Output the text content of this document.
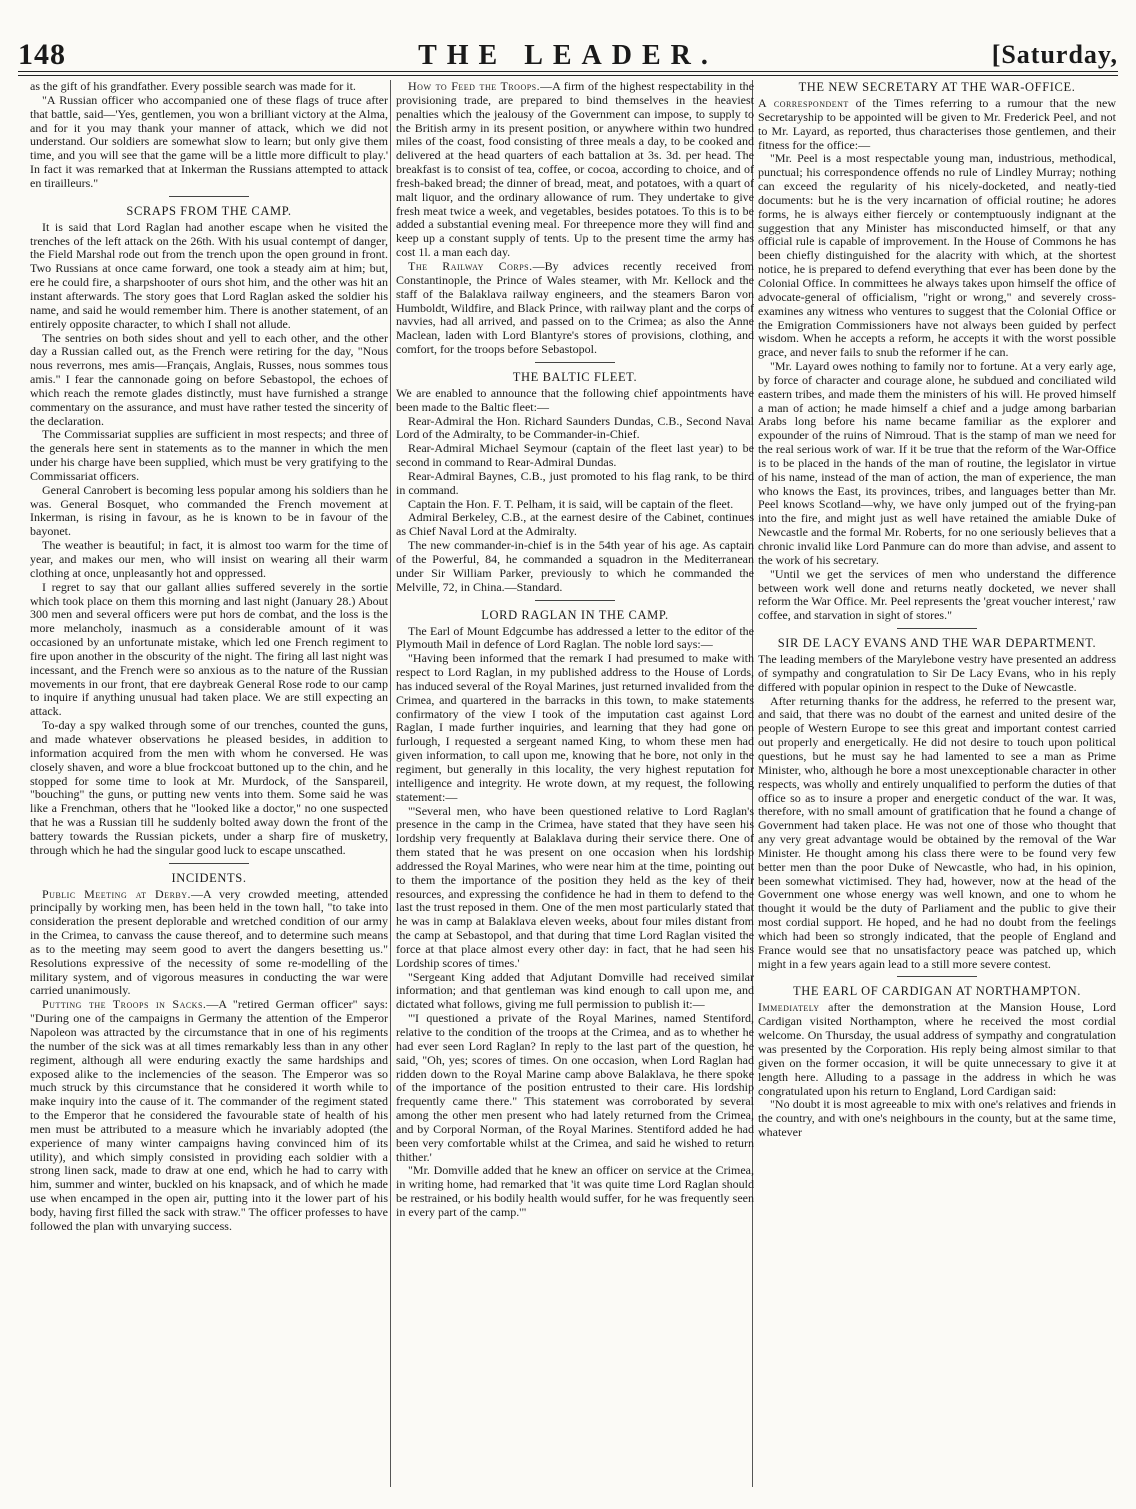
148	THE LEADER.	[Saturday,

as the gift of his grandfather. Every possible search was made for it.

"A Russian officer who accompanied one of these flags of truce after that battle, said—'Yes, gentlemen, you won a brilliant victory at the Alma, and for it you may thank your manner of attack, which we did not understand. Our soldiers are somewhat slow to learn; but only give them time, and you will see that the game will be a little more difficult to play.' In fact it was remarked that at Inkerman the Russians attempted to attack en tirailleurs."

SCRAPS FROM THE CAMP.

It is said that Lord Raglan had another escape when he visited the trenches of the left attack on the 26th. With his usual contempt of danger, the Field Marshal rode out from the trench upon the open ground in front. Two Russians at once came forward, one took a steady aim at him; but, ere he could fire, a sharpshooter of ours shot him, and the other was hit an instant afterwards. The story goes that Lord Raglan asked the soldier his name, and said he would remember him. There is another statement, of an entirely opposite character, to which I shall not allude.

The sentries on both sides shout and yell to each other, and the other day a Russian called out, as the French were retiring for the day, "Nous nous reverrons, mes amis—Français, Anglais, Russes, nous sommes tous amis." I fear the cannonade going on before Sebastopol, the echoes of which reach the remote glades distinctly, must have furnished a strange commentary on the assurance, and must have rather tested the sincerity of the declaration.

The Commissariat supplies are sufficient in most respects; and three of the generals here sent in statements as to the manner in which the men under his charge have been supplied, which must be very gratifying to the Commissariat officers.

General Canrobert is becoming less popular among his soldiers than he was. General Bosquet, who commanded the French movement at Inkerman, is rising in favour, as he is known to be in favour of the bayonet.

The weather is beautiful; in fact, it is almost too warm for the time of year, and makes our men, who will insist on wearing all their warm clothing at once, unpleasantly hot and oppressed.

I regret to say that our gallant allies suffered severely in the sortie which took place on them this morning and last night (January 28.) About 300 men and several officers were put hors de combat, and the loss is the more melancholy, inasmuch as a considerable amount of it was occasioned by an unfortunate mistake, which led one French regiment to fire upon another in the obscurity of the night. The firing all last night was incessant, and the French were so anxious as to the nature of the Russian movements in our front, that ere daybreak General Rose rode to our camp to inquire if anything unusual had taken place. We are still expecting an attack.

To-day a spy walked through some of our trenches, counted the guns, and made whatever observations he pleased besides, in addition to information acquired from the men with whom he conversed. He was closely shaven, and wore a blue frockcoat buttoned up to the chin, and he stopped for some time to look at Mr. Murdock, of the Sanspareil, "bouching" the guns, or putting new vents into them. Some said he was like a Frenchman, others that he "looked like a doctor," no one suspected that he was a Russian till he suddenly bolted away down the front of the battery towards the Russian pickets, under a sharp fire of musketry, through which he had the singular good luck to escape unscathed.

INCIDENTS.

Public Meeting at Derby.—A very crowded meeting, attended principally by working men, has been held in the town hall, "to take into consideration the present deplorable and wretched condition of our army in the Crimea, to canvass the cause thereof, and to determine such means as to the meeting may seem good to avert the dangers besetting us." Resolutions expressive of the necessity of some re-modelling of the military system, and of vigorous measures in conducting the war were carried unanimously.

Putting the Troops in Sacks.—A "retired German officer" says: "During one of the campaigns in Germany the attention of the Emperor Napoleon was attracted by the circumstance that in one of his regiments the number of the sick was at all times remarkably less than in any other regiment, although all were enduring exactly the same hardships and exposed alike to the inclemencies of the season. The Emperor was so much struck by this circumstance that he considered it worth while to make inquiry into the cause of it. The commander of the regiment stated to the Emperor that he considered the favourable state of health of his men must be attributed to a measure which he invariably adopted (the experience of many winter campaigns having convinced him of its utility), and which simply consisted in providing each soldier with a strong linen sack, made to draw at one end, which he had to carry with him, summer and winter, buckled on his knapsack, and of which he made use when encamped in the open air, putting into it the lower part of his body, having first filled the sack with straw." The officer professes to have followed the plan with unvarying success.

How to Feed the Troops.—A firm of the highest respectability in the provisioning trade, are prepared to bind themselves in the heaviest penalties which the jealousy of the Government can impose, to supply to the British army in its present position, or anywhere within two hundred miles of the coast, food consisting of three meals a day, to be cooked and delivered at the head quarters of each battalion at 3s. 3d. per head. The breakfast is to consist of tea, coffee, or cocoa, according to choice, and of fresh-baked bread; the dinner of bread, meat, and potatoes, with a quart of malt liquor, and the ordinary allowance of rum. They undertake to give fresh meat twice a week, and vegetables, besides potatoes. To this is to be added a substantial evening meal. For threepence more they will find and keep up a constant supply of tents. Up to the present time the army has cost 1l. a man each day.

The Railway Corps.—By advices recently received from Constantinople, the Prince of Wales steamer, with Mr. Kellock and the staff of the Balaklava railway engineers, and the steamers Baron von Humboldt, Wildfire, and Black Prince, with railway plant and the corps of navvies, had all arrived, and passed on to the Crimea; as also the Anne Maclean, laden with Lord Blantyre's stores of provisions, clothing, and comfort, for the troops before Sebastopol.

THE BALTIC FLEET.

We are enabled to announce that the following chief appointments have been made to the Baltic fleet:—

Rear-Admiral the Hon. Richard Saunders Dundas, C.B., Second Naval Lord of the Admiralty, to be Commander-in-Chief.

Rear-Admiral Michael Seymour (captain of the fleet last year) to be second in command to Rear-Admiral Dundas.

Rear-Admiral Baynes, C.B., just promoted to his flag rank, to be third in command.

Captain the Hon. F. T. Pelham, it is said, will be captain of the fleet.

Admiral Berkeley, C.B., at the earnest desire of the Cabinet, continues as Chief Naval Lord at the Admiralty.

The new commander-in-chief is in the 54th year of his age. As captain of the Powerful, 84, he commanded a squadron in the Mediterranean under Sir William Parker, previously to which he commanded the Melville, 72, in China.—Standard.

LORD RAGLAN IN THE CAMP.

The Earl of Mount Edgcumbe has addressed a letter to the editor of the Plymouth Mail in defence of Lord Raglan. The noble lord says:—

"Having been informed that the remark I had presumed to make with respect to Lord Raglan, in my published address to the House of Lords, has induced several of the Royal Marines, just returned invalided from the Crimea, and quartered in the barracks in this town, to make statements confirmatory of the view I took of the imputation cast against Lord Raglan, I made further inquiries, and learning that they had gone on furlough, I requested a sergeant named King, to whom these men had given information, to call upon me, knowing that he bore, not only in the regiment, but generally in this locality, the very highest reputation for intelligence and integrity. He wrote down, at my request, the following statement:—

"'Several men, who have been questioned relative to Lord Raglan's presence in the camp in the Crimea, have stated that they have seen his lordship very frequently at Balaklava during their service there. One of them stated that he was present on one occasion when his lordship addressed the Royal Marines, who were near him at the time, pointing out to them the importance of the position they held as the key of their resources, and expressing the confidence he had in them to defend to the last the trust reposed in them. One of the men most particularly stated that he was in camp at Balaklava eleven weeks, about four miles distant from the camp at Sebastopol, and that during that time Lord Raglan visited the force at that place almost every other day: in fact, that he had seen his Lordship scores of times.'

"Sergeant King added that Adjutant Domville had received similar information; and that gentleman was kind enough to call upon me, and dictated what follows, giving me full permission to publish it:—

"'I questioned a private of the Royal Marines, named Stentiford, relative to the condition of the troops at the Crimea, and as to whether he had ever seen Lord Raglan? In reply to the last part of the question, he said, "Oh, yes; scores of times. On one occasion, when Lord Raglan had ridden down to the Royal Marine camp above Balaklava, he there spoke of the importance of the position entrusted to their care. His lordship frequently came there." This statement was corroborated by several among the other men present who had lately returned from the Crimea, and by Corporal Norman, of the Royal Marines. Stentiford added he had been very comfortable whilst at the Crimea, and said he wished to return thither.'

"Mr. Domville added that he knew an officer on service at the Crimea, in writing home, had remarked that 'it was quite time Lord Raglan should be restrained, or his bodily health would suffer, for he was frequently seen in every part of the camp.'"

THE NEW SECRETARY AT THE WAR-OFFICE.

A correspondent of the Times referring to a rumour that the new Secretaryship to be appointed will be given to Mr. Frederick Peel, and not to Mr. Layard, as reported, thus characterises those gentlemen, and their fitness for the office:—

"Mr. Peel is a most respectable young man, industrious, methodical, punctual; his correspondence offends no rule of Lindley Murray; nothing can exceed the regularity of his nicely-docketed, and neatly-tied documents: but he is the very incarnation of official routine; he adores forms, he is always either fiercely or contemptuously indignant at the suggestion that any Minister has misconducted himself, or that any official rule is capable of improvement. In the House of Commons he has been chiefly distinguished for the alacrity with which, at the shortest notice, he is prepared to defend everything that ever has been done by the Colonial Office. In committees he always takes upon himself the office of advocate-general of officialism, "right or wrong," and severely cross-examines any witness who ventures to suggest that the Colonial Office or the Emigration Commissioners have not always been guided by perfect wisdom. When he accepts a reform, he accepts it with the worst possible grace, and never fails to snub the reformer if he can.

"Mr. Layard owes nothing to family nor to fortune. At a very early age, by force of character and courage alone, he subdued and conciliated wild eastern tribes, and made them the ministers of his will. He proved himself a man of action; he made himself a chief and a judge among barbarian Arabs long before his name became familiar as the explorer and expounder of the ruins of Nimroud. That is the stamp of man we need for the real serious work of war. If it be true that the reform of the War-Office is to be placed in the hands of the man of routine, the legislator in virtue of his name, instead of the man of action, the man of experience, the man who knows the East, its provinces, tribes, and languages better than Mr. Peel knows Scotland—why, we have only jumped out of the frying-pan into the fire, and might just as well have retained the amiable Duke of Newcastle and the formal Mr. Roberts, for no one seriously believes that a chronic invalid like Lord Panmure can do more than advise, and assent to the work of his secretary.

"Until we get the services of men who understand the difference between work well done and returns neatly docketed, we never shall reform the War Office. Mr. Peel represents the 'great voucher interest,' raw coffee, and starvation in sight of stores."

SIR DE LACY EVANS AND THE WAR DEPARTMENT.

The leading members of the Marylebone vestry have presented an address of sympathy and congratulation to Sir De Lacy Evans, who in his reply differed with popular opinion in respect to the Duke of Newcastle.

After returning thanks for the address, he referred to the present war, and said, that there was no doubt of the earnest and united desire of the people of Western Europe to see this great and important contest carried out properly and energetically. He did not desire to touch upon political questions, but he must say he had lamented to see a man as Prime Minister, who, although he bore a most unexceptionable character in other respects, was wholly and entirely unqualified to perform the duties of that office so as to insure a proper and energetic conduct of the war. It was, therefore, with no small amount of gratification that he found a change of Government had taken place. He was not one of those who thought that any very great advantage would be obtained by the removal of the War Minister. He thought among his class there were to be found very few better men than the poor Duke of Newcastle, who had, in his opinion, been somewhat victimised. They had, however, now at the head of the Government one whose energy was well known, and one to whom he thought it would be the duty of Parliament and the public to give their most cordial support. He hoped, and he had no doubt from the feelings which had been so strongly indicated, that the people of England and France would see that no unsatisfactory peace was patched up, which might in a few years again lead to a still more severe contest.

THE EARL OF CARDIGAN AT NORTHAMPTON.

Immediately after the demonstration at the Mansion House, Lord Cardigan visited Northampton, where he received the most cordial welcome. On Thursday, the usual address of sympathy and congratulation was presented by the Corporation. His reply being almost similar to that given on the former occasion, it will be quite unnecessary to give it at length here. Alluding to a passage in the address in which he was congratulated upon his return to England, Lord Cardigan said:

"No doubt it is most agreeable to mix with one's relatives and friends in the country, and with one's neighbours in the county, but at the same time, whatever
